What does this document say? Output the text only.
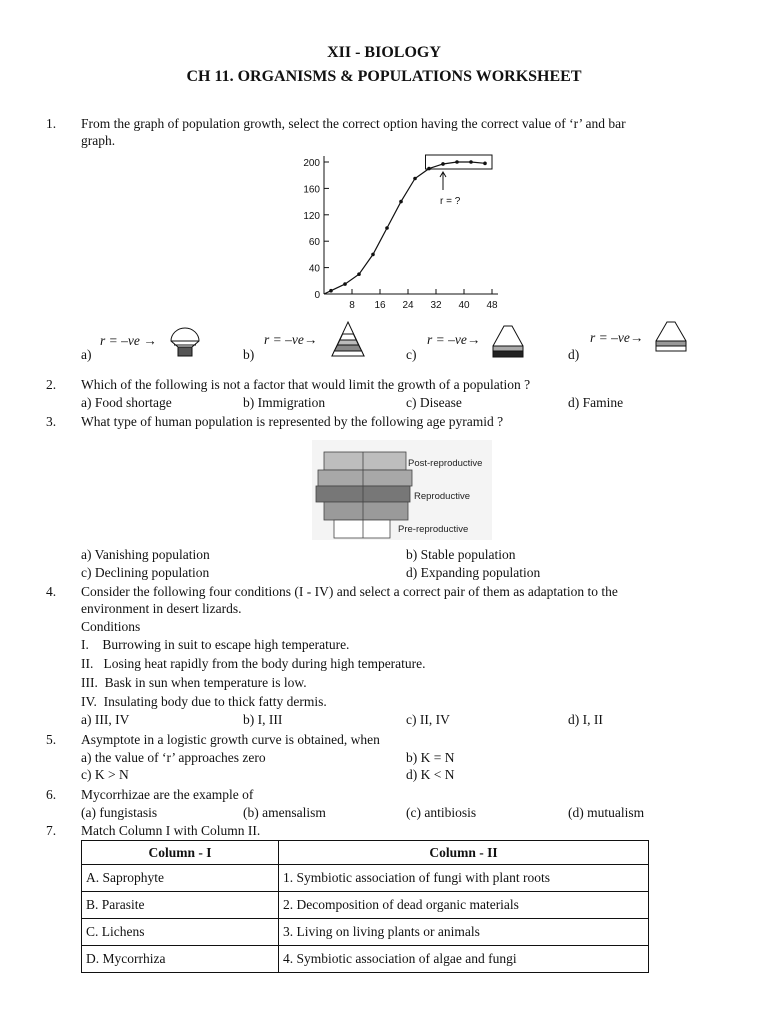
XII - BIOLOGY
CH 11. ORGANISMS & POPULATIONS WORKSHEET
1. From the graph of population growth, select the correct option having the correct value of ‘r’ and bar
graph.
8 16 24 32 40 48
0
40
60
120
160
200
r = ?
a)
r = –ve →
b)
r = –ve→
c)
r = –ve→
d)
r = –ve→
2. Which of the following is not a factor that would limit the growth of a population ?
a) Food shortage	b) Immigration	c) Disease	d) Famine
3. What type of human population is represented by the following age pyramid ?
Post-reproductive
Reproductive
Pre-reproductive
a) Vanishing population	b) Stable population
c) Declining population	d) Expanding population
4. Consider the following four conditions (I - IV) and select a correct pair of them as adaptation to the
environment in desert lizards.
Conditions
I.    Burrowing in suit to escape high temperature.
II.   Losing heat rapidly from the body during high temperature.
III.  Bask in sun when temperature is low.
IV.  Insulating body due to thick fatty dermis.
a) III, IV	b) I, III	c) II, IV	d) I, II
5. Asymptote in a logistic growth curve is obtained, when
a) the value of ‘r’ approaches zero	b) K = N
c) K > N	d) K < N
6. Mycorrhizae are the example of
(a) fungistasis	(b) amensalism	(c) antibiosis	(d) mutualism
7. Match Column I with Column II.
Column - I	Column - II
A. Saprophyte	1. Symbiotic association of fungi with plant roots
B. Parasite	2. Decomposition of dead organic materials
C. Lichens	3. Living on living plants or animals
D. Mycorrhiza	4. Symbiotic association of algae and fungi
